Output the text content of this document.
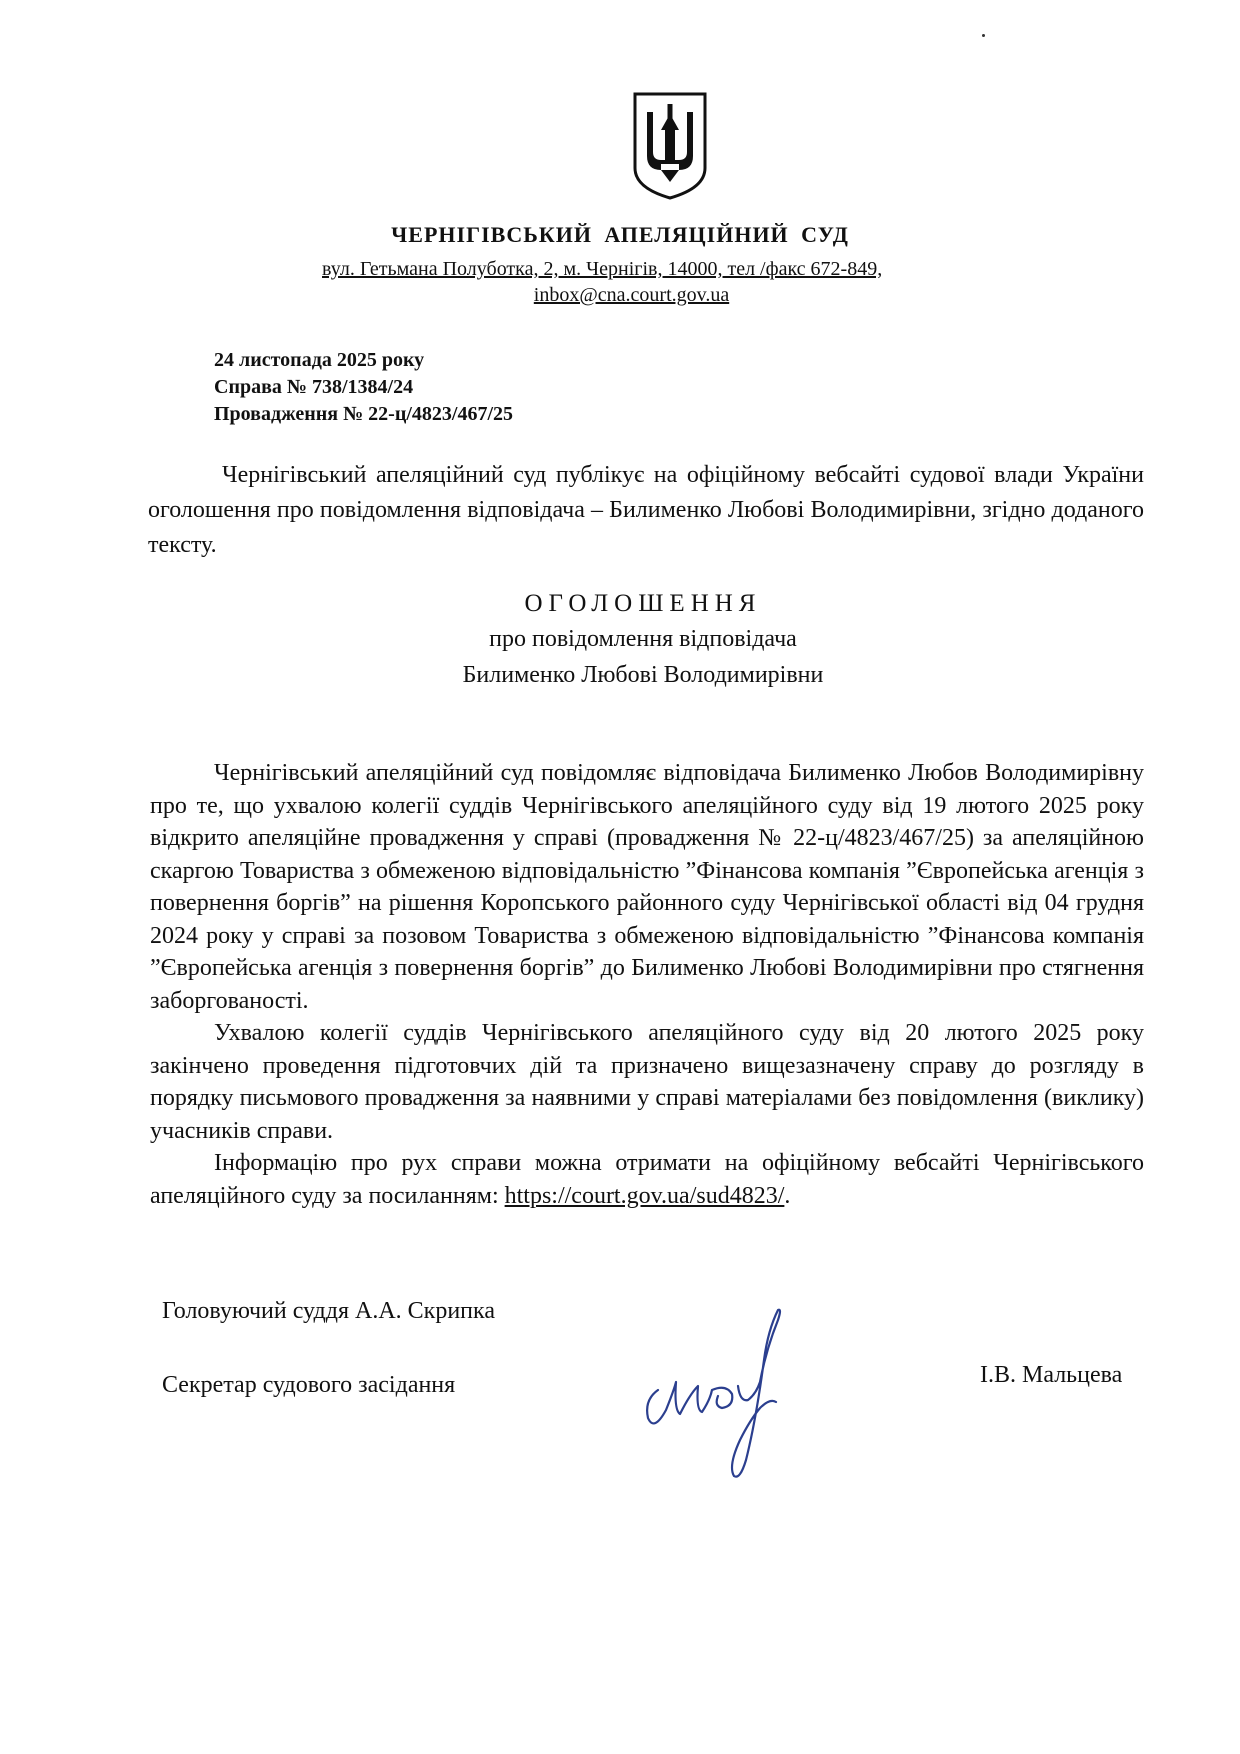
ЧЕРНІГІВСЬКИЙ АПЕЛЯЦІЙНИЙ СУД
вул. Гетьмана Полуботка, 2, м. Чернігів, 14000, тел /факс 672-849,
inbox@cna.court.gov.ua
24 листопада 2025 року
Справа № 738/1384/24
Провадження № 22-ц/4823/467/25
Чернігівський апеляційний суд публікує на офіційному вебсайті судової влади України оголошення про повідомлення відповідача – Билименко Любові Володимирівни, згідно доданого тексту.
ОГОЛОШЕННЯ
про повідомлення відповідача
Билименко Любові Володимирівни

Чернігівський апеляційний суд повідомляє відповідача Билименко Любов Володимирівну про те, що ухвалою колегії суддів Чернігівського апеляційного суду від 19 лютого 2025 року відкрито апеляційне провадження у справі (провадження № 22-ц/4823/467/25) за апеляційною скаргою Товариства з обмеженою відповідальністю ”Фінансова компанія ”Європейська агенція з повернення боргів” на рішення Коропського районного суду Чернігівської області від 04 грудня 2024 року у справі за позовом Товариства з обмеженою відповідальністю ”Фінансова компанія ”Європейська агенція з повернення боргів” до Билименко Любові Володимирівни про стягнення заборгованості.

Ухвалою колегії суддів Чернігівського апеляційного суду від 20 лютого 2025 року закінчено проведення підготовчих дій та призначено вищезазначену справу до розгляду в порядку письмового провадження за наявними у справі матеріалами без повідомлення (виклику) учасників справи.

Інформацію про рух справи можна отримати на офіційному вебсайті Чернігівського апеляційного суду за посиланням: https://court.gov.ua/sud4823/.

Головуючий суддя А.А. Скрипка
Секретар судового засідання	І.В. Мальцева
